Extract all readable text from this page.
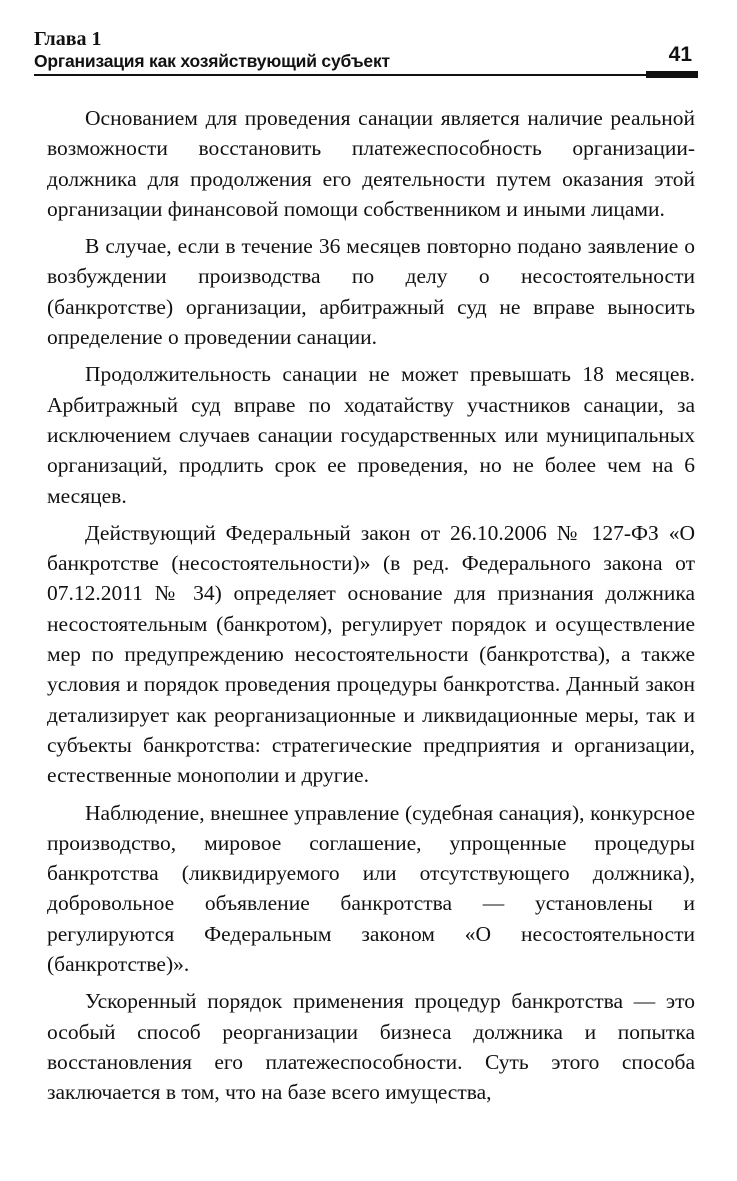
Глава 1
Организация как хозяйствующий субъект	41

Основанием для проведения санации является наличие реальной возможности восстановить платежеспособность организации-должника для продолжения его деятельности путем оказания этой организации финансовой помощи собственником и иными лицами.

В случае, если в течение 36 месяцев повторно подано заявление о возбуждении производства по делу о несостоятельности (банкротстве) организации, арбитражный суд не вправе выносить определение о проведении санации.

Продолжительность санации не может превышать 18 месяцев. Арбитражный суд вправе по ходатайству участников санации, за исключением случаев санации государственных или муниципальных организаций, продлить срок ее проведения, но не более чем на 6 месяцев.

Действующий Федеральный закон от 26.10.2006 № 127-ФЗ «О банкротстве (несостоятельности)» (в ред. Федерального закона от 07.12.2011 № 34) определяет основание для признания должника несостоятельным (банкротом), регулирует порядок и осуществление мер по предупреждению несостоятельности (банкротства), а также условия и порядок проведения процедуры банкротства. Данный закон детализирует как реорганизационные и ликвидационные меры, так и субъекты банкротства: стратегические предприятия и организации, естественные монополии и другие.

Наблюдение, внешнее управление (судебная санация), конкурсное производство, мировое соглашение, упрощенные процедуры банкротства (ликвидируемого или отсутствующего должника), добровольное объявление банкротства — установлены и регулируются Федеральным законом «О несостоятельности (банкротстве)».

Ускоренный порядок применения процедур банкротства — это особый способ реорганизации бизнеса должника и попытка восстановления его платежеспособности. Суть этого способа заключается в том, что на базе всего имущества,
